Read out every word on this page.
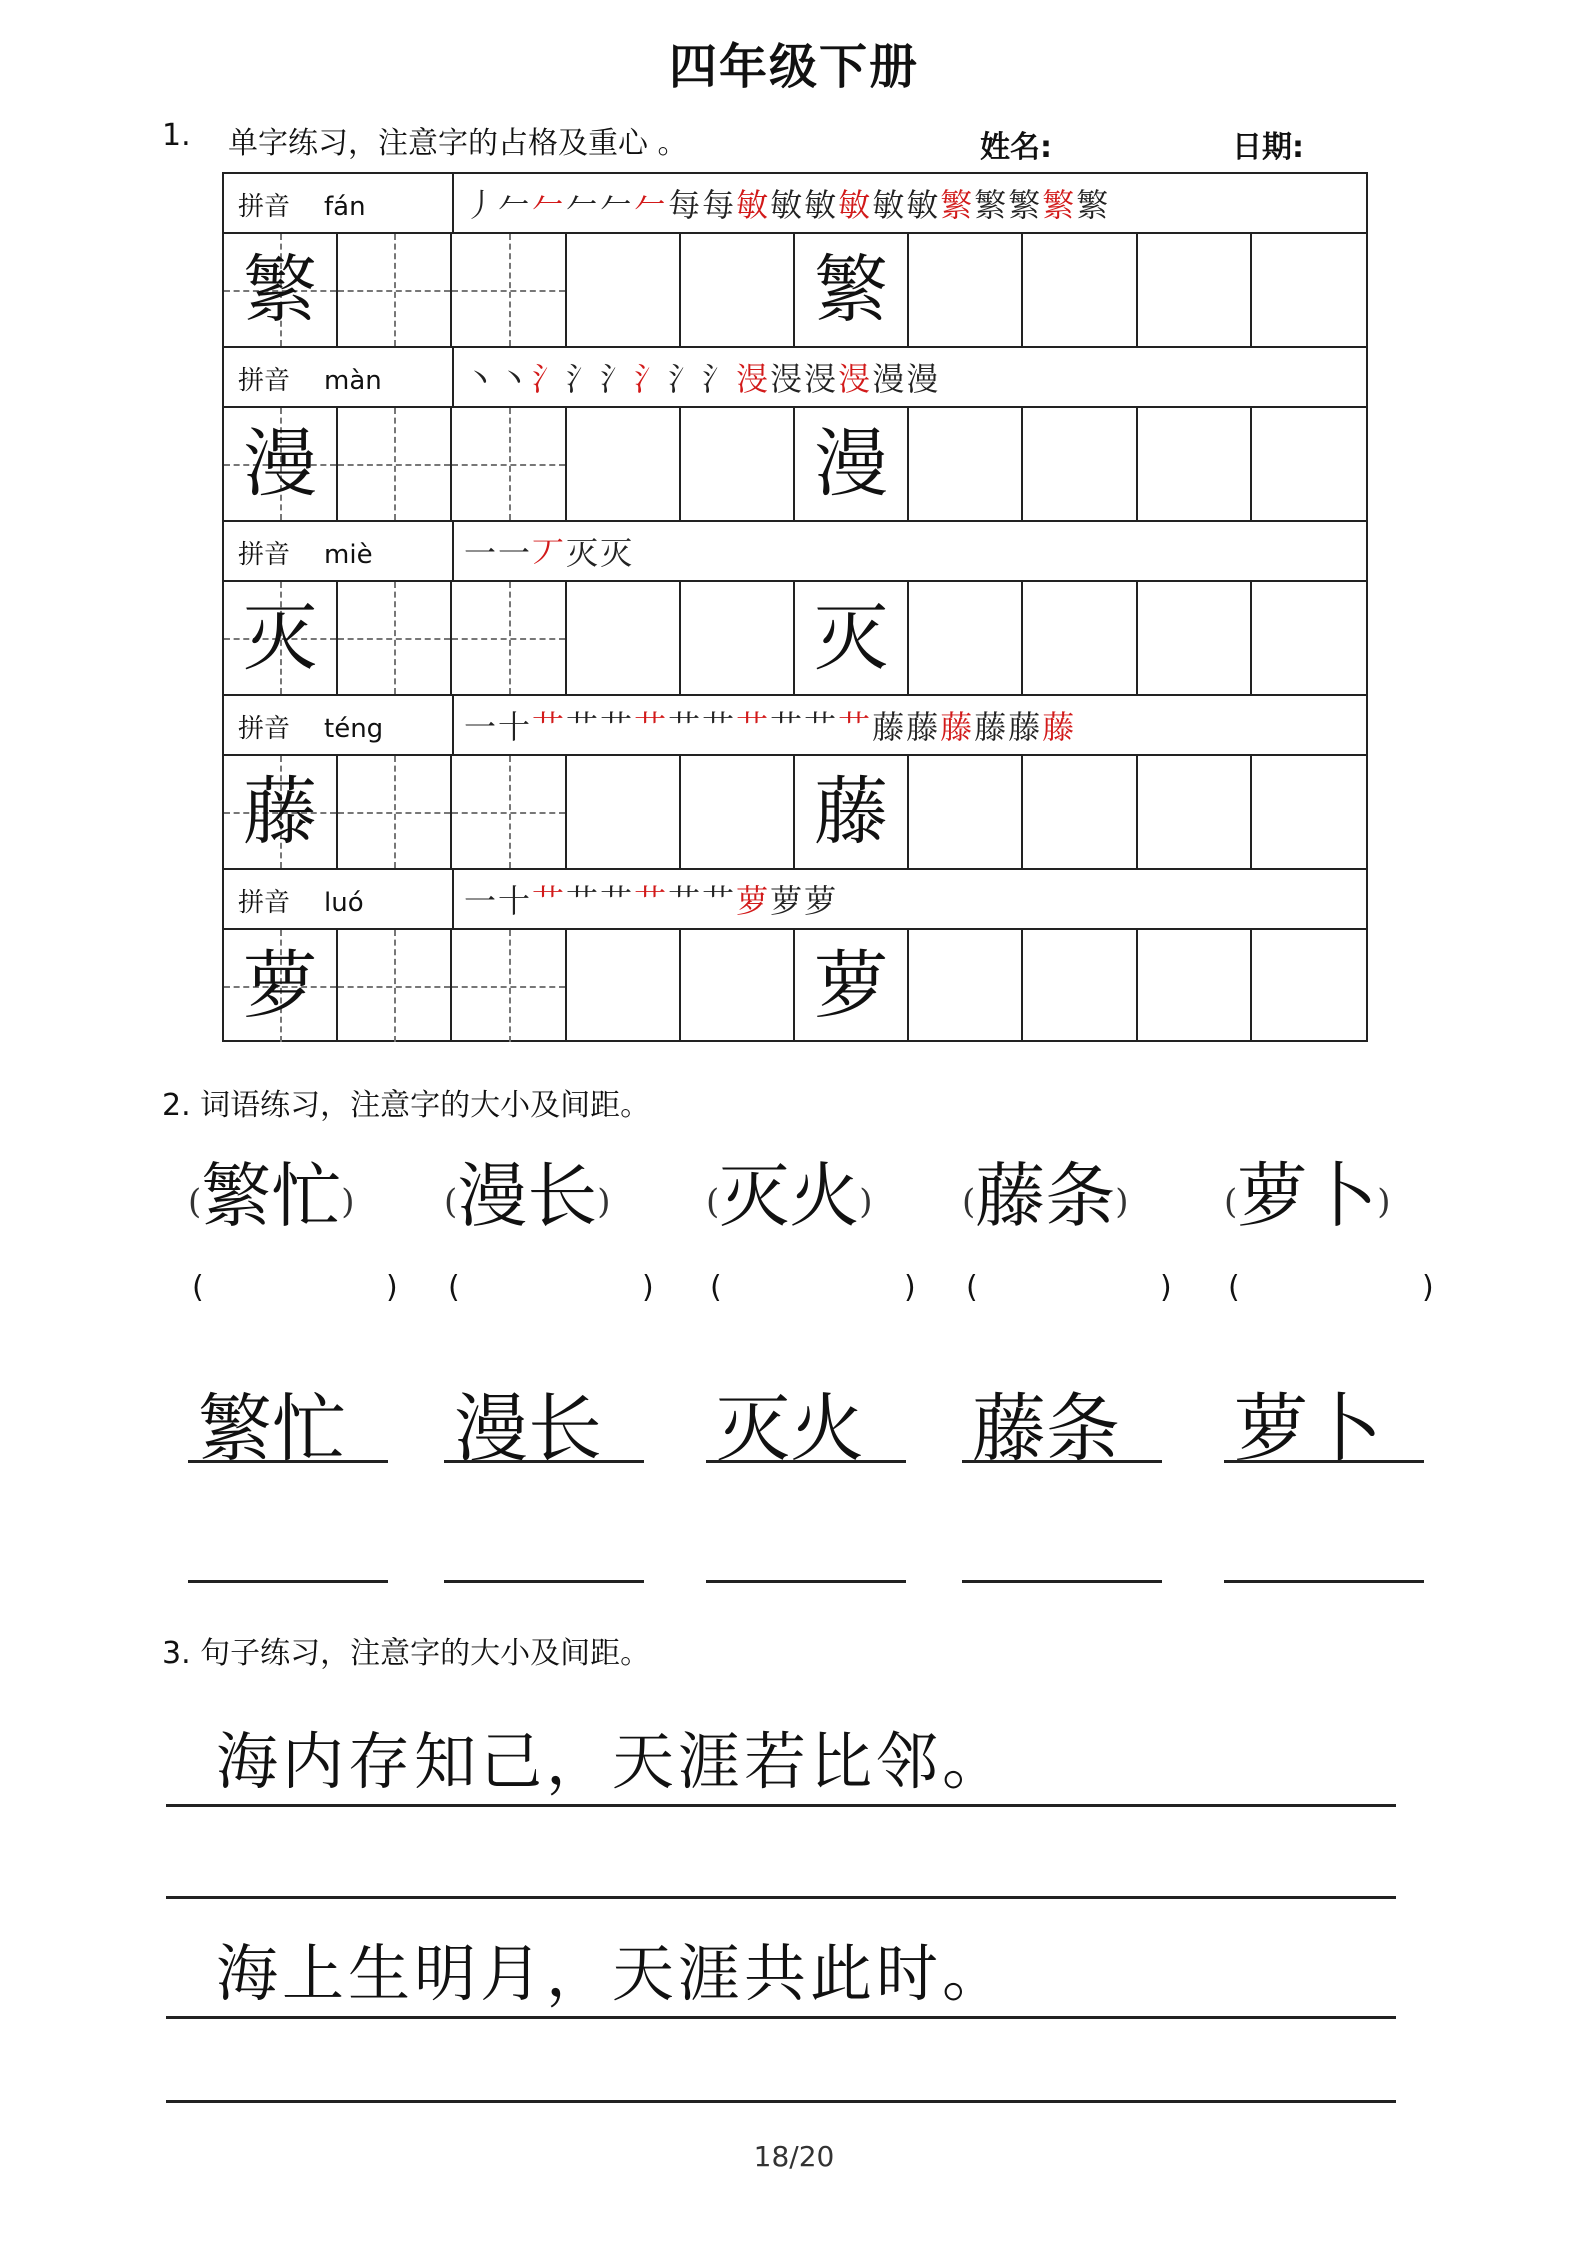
四年级下册
1.	单字练习，注意字的占格及重心 。	姓名:	日期:
拼音 fán	丿𠂉𠂉𠂉𠂉𠂉每每敏敏敏敏敏敏繁繁繁繁繁
繁	繁
拼音 màn	丶丶氵氵氵氵氵氵渂渂渂渂漫漫
漫	漫
拼音 miè	一一丆灭灭
灭	灭
拼音 téng	一十艹艹艹艹艹艹艹艹艹艹藤藤藤藤藤藤
藤	藤
拼音 luó	一十艹艹艹艹艹艹萝萝萝
萝	萝
2. 词语练习，注意字的大小及间距。
(繁忙)	(漫长)	(灭火)	(藤条)	(萝卜)
(	) (	) (	) (	) (	)
繁忙 漫长 灭火 藤条 萝卜
3. 句子练习，注意字的大小及间距。
海内存知己，天涯若比邻。
海上生明月，天涯共此时。
18/20
